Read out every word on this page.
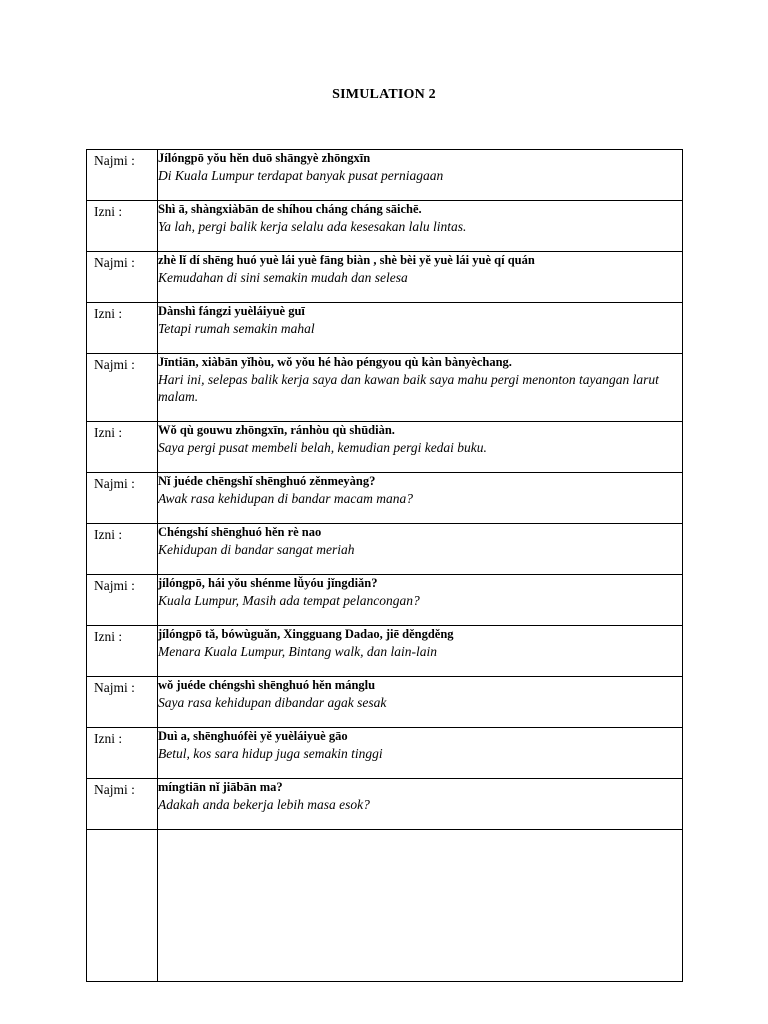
SIMULATION 2
Najmi :	Jílóngpō yǒu hěn duō shāngyè zhōngxīn
Di Kuala Lumpur terdapat banyak pusat perniagaan

Izni :	Shì ā, shàngxiàbān de shíhou cháng cháng sāichē.
Ya lah, pergi balik kerja selalu ada kesesakan lalu lintas.

Najmi :	zhè lǐ dí shēng huó yuè lái yuè fāng biàn , shè bèi yě yuè lái yuè qí quán
Kemudahan di sini semakin mudah dan selesa

Izni :	Dànshì fángzi yuèláiyuè guī
Tetapi rumah semakin mahal

Najmi :	Jīntiān, xiàbān yǐhòu, wǒ yǒu hé hào péngyou qù kàn bànyèchang.
Hari ini, selepas balik kerja saya dan kawan baik saya mahu pergi menonton tayangan larut malam.

Izni :	Wǒ qù gouwu zhōngxīn, ránhòu qù shūdiàn.
Saya pergi pusat membeli belah, kemudian pergi kedai buku.

Najmi :	Nǐ juéde chēngshǐ shēnghuó zěnmeyàng?
Awak rasa kehidupan di bandar macam mana?

Izni :	Chéngshí shēnghuó hěn rè nao
Kehidupan di bandar sangat meriah

Najmi :	jílóngpō, hái yǒu shénme lǚyóu jǐngdiǎn?
Kuala Lumpur, Masih ada tempat pelancongan?

Izni :	jílóngpō tǎ, bówùguǎn, Xingguang Dadao, jiē děngděng
Menara Kuala Lumpur, Bintang walk, dan lain-lain

Najmi :	wǒ juéde chéngshì shēnghuó hěn mánglu
Saya rasa kehidupan dibandar agak sesak

Izni :	Duì a, shēnghuófèi yě yuèláiyuè gāo
Betul, kos sara hidup juga semakin tinggi

Najmi :	míngtiān nǐ jiābān ma?
Adakah anda bekerja lebih masa esok?
